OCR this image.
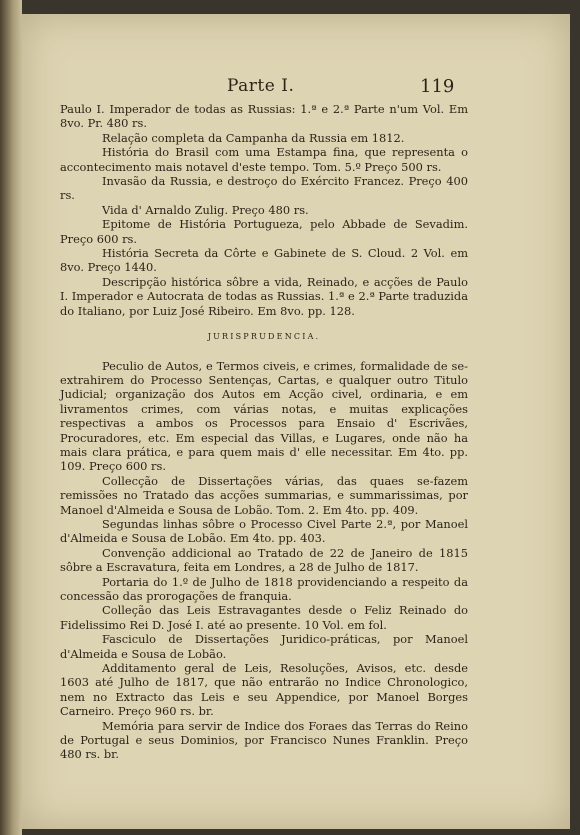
Parte I.	119

Paulo I. Imperador de todas as Russias: 1.ª e 2.ª Parte n'um Vol. Em 8vo. Pr. 480 rs.

Relação completa da Campanha da Russia em 1812.

História do Brasil com uma Estampa fina, que representa o accontecimento mais notavel d'este tempo. Tom. 5.º Preço 500 rs.

Invasão da Russia, e destroço do Exército Francez. Preço 400 rs.

Vida d' Arnaldo Zulig. Preço 480 rs.

Epitome de História Portugueza, pelo Abbade de Sevadim. Preço 600 rs.

História Secreta da Côrte e Gabinete de S. Cloud. 2 Vol. em 8vo. Preço 1440.

Descripção histórica sôbre a vida, Reinado, e acções de Paulo I. Imperador e Autocrata de todas as Russias. 1.ª e 2.ª Parte traduzida do Italiano, por Luiz José Ribeiro. Em 8vo. pp. 128.

JURISPRUDENCIA.

Peculio de Autos, e Termos civeis, e crimes, formalidade de se-extrahirem do Processo Sentenças, Cartas, e qualquer outro Titulo Judicial; organização dos Autos em Acção civel, ordinaria, e em livramentos crimes, com várias notas, e muitas explicações respectivas a ambos os Processos para Ensaio d' Escrivães, Procuradores, etc. Em especial das Villas, e Lugares, onde não ha mais clara prática, e para quem mais d' elle necessitar. Em 4to. pp. 109. Preço 600 rs.

Collecção de Dissertações várias, das quaes se-fazem remissões no Tratado das acções summarias, e summarissimas, por Manoel d'Almeida e Sousa de Lobão. Tom. 2. Em 4to. pp. 409.

Segundas linhas sôbre o Processo Civel Parte 2.ª, por Manoel d'Almeida e Sousa de Lobão. Em 4to. pp. 403.

Convenção addicional ao Tratado de 22 de Janeiro de 1815 sôbre a Escravatura, feita em Londres, a 28 de Julho de 1817.

Portaria do 1.º de Julho de 1818 providenciando a respeito da concessão das prorogações de franquia.

Colleção das Leis Estravagantes desde o Feliz Reinado do Fidelissimo Rei D. José I. até ao presente. 10 Vol. em fol.

Fasciculo de Dissertações Juridico-práticas, por Manoel d'Almeida e Sousa de Lobão.

Additamento geral de Leis, Resoluções, Avisos, etc. desde 1603 até Julho de 1817, que não entrarão no Indice Chronologico, nem no Extracto das Leis e seu Appendice, por Manoel Borges Carneiro. Preço 960 rs. br.

Memória para servir de Indice dos Foraes das Terras do Reino de Portugal e seus Dominios, por Francisco Nunes Franklin. Preço 480 rs. br.
